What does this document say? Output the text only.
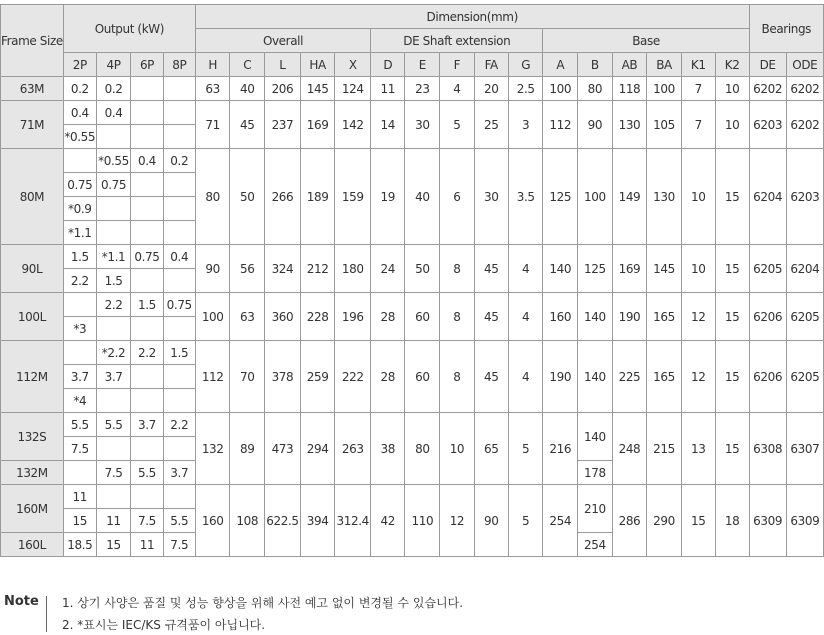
Frame Size	Output (kW)				Dimension(mm)																Bearings	
					Overall					DE Shaft extension					Base							
	2P	4P	6P	8P	H	C	L	HA	X	D	E	F	FA	G	A	B	AB	BA	K1	K2	DE	ODE
63M	0.2	0.2			63	40	206	145	124	11	23	4	20	2.5	100	80	118	100	7	10	6202	6202
71M	0.4	0.4			71	45	237	169	142	14	30	5	25	3	112	90	130	105	7	10	6203	6202
	*0.55																					
80M		*0.55	0.4	0.2	80	50	266	189	159	19	40	6	30	3.5	125	100	149	130	10	15	6204	6203
	0.75	0.75																				
	*0.9																					
	*1.1																					
90L	1.5	*1.1	0.75	0.4	90	56	324	212	180	24	50	8	45	4	140	125	169	145	10	15	6205	6204
	2.2	1.5																				
100L		2.2	1.5	0.75	100	63	360	228	196	28	60	8	45	4	160	140	190	165	12	15	6206	6205
	*3																					
112M		*2.2	2.2	1.5	112	70	378	259	222	28	60	8	45	4	190	140	225	165	12	15	6206	6205
	3.7	3.7																				
	*4																					
132S	5.5	5.5	3.7	2.2	132	89	473	294	263	38	80	10	65	5	216	140	248	215	13	15	6308	6307
	7.5																					
132M		7.5	5.5	3.7												178						
160M	11				160	108	622.5	394	312.4	42	110	12	90	5	254	210	286	290	15	18	6309	6309
	15	11	7.5	5.5																		
160L	18.5	15	11	7.5												254						
Note 1. 상기 사양은 품질 및 성능 향상을 위해 사전 예고 없이 변경될 수 있습니다.
2. *표시는 IEC/KS 규격품이 아닙니다.
